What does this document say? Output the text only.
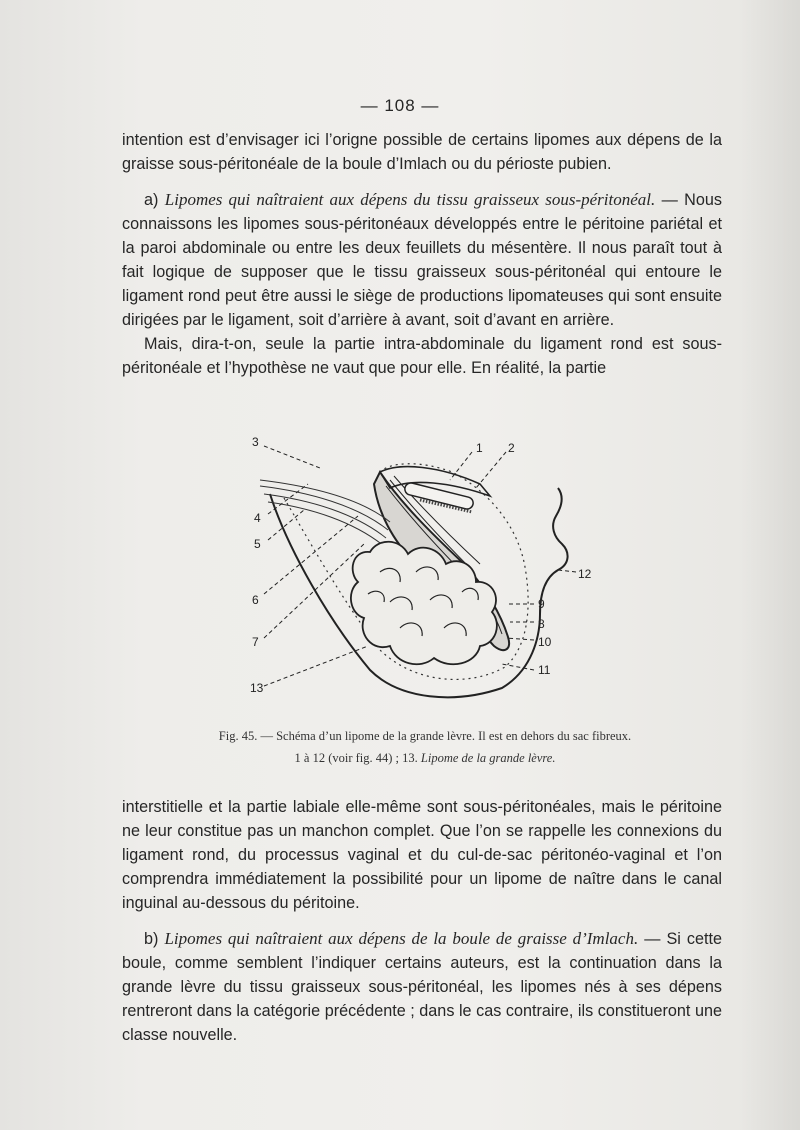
— 108 —

intention est d’envisager ici l’origne possible de certains lipomes aux dépens de la graisse sous-péritonéale de la boule d’Imlach ou du périoste pubien.

a) Lipomes qui naîtraient aux dépens du tissu graisseux sous-péritonéal. — Nous connaissons les lipomes sous-péritonéaux développés entre le péritoine pariétal et la paroi abdominale ou entre les deux feuillets du mésentère. Il nous paraît tout à fait logique de supposer que le tissu graisseux sous-péritonéal qui entoure le ligament rond peut être aussi le siège de productions lipomateuses qui sont ensuite dirigées par le ligament, soit d’arrière à avant, soit d’avant en arrière.

Mais, dira-t-on, seule la partie intra-abdominale du ligament rond est sous-péritonéale et l’hypothèse ne vaut que pour elle. En réalité, la partie

1 2
3
4
5
6
7
8
9
10
11
12
13
Fig. 45. — Schéma d’un lipome de la grande lèvre. Il est en dehors du sac fibreux.
1 à 12 (voir fig. 44) ; 13. Lipome de la grande lèvre.

interstitielle et la partie labiale elle-même sont sous-péritonéales, mais le péritoine ne leur constitue pas un manchon complet. Que l’on se rappelle les connexions du ligament rond, du processus vaginal et du cul-de-sac péritonéo-vaginal et l’on comprendra immédiatement la possibilité pour un lipome de naître dans le canal inguinal au-dessous du péritoine.

b) Lipomes qui naîtraient aux dépens de la boule de graisse d’Imlach. — Si cette boule, comme semblent l’indiquer certains auteurs, est la continuation dans la grande lèvre du tissu graisseux sous-péritonéal, les lipomes nés à ses dépens rentreront dans la catégorie précédente ; dans le cas contraire, ils constitueront une classe nouvelle.
